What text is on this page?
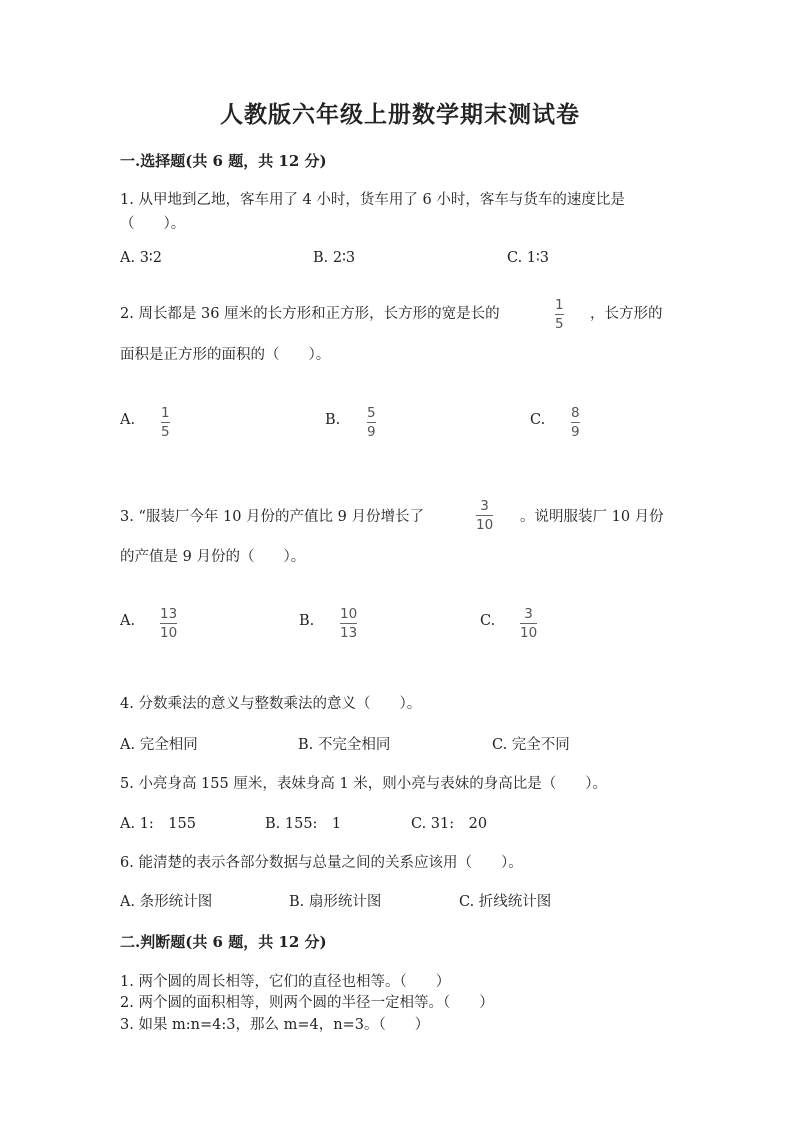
人教版六年级上册数学期末测试卷
一.选择题(共 6 题，共 12 分)
1. 从甲地到乙地，客车用了 4 小时，货车用了 6 小时，客车与货车的速度比是
（　　）。
A. 3∶2	B. 2∶3	C. 1∶3
2. 周长都是 36 厘米的长方形和正方形，长方形的宽是长的
1
5
，长方形的
面积是正方形的面积的（　　）。
A. 1
5
B. 5
9
C. 8
9
3. “服装厂今年 10 月份的产值比 9 月份增长了
3
10 。说明服装厂 10 月份
的产值是 9 月份的（　　）。
A. 13
10
B. 10
13
C. 3
10
4. 分数乘法的意义与整数乘法的意义（　　）。
A. 完全相同	B. 不完全相同	C. 完全不同
5. 小亮身高 155 厘米，表妹身高 1 米，则小亮与表妹的身高比是（　　）。
A. 1:　155	B. 155:　1	C. 31:　20
6. 能清楚的表示各部分数据与总量之间的关系应该用（　　）。
A. 条形统计图	B. 扇形统计图	C. 折线统计图
二.判断题(共 6 题，共 12 分)
1. 两个圆的周长相等，它们的直径也相等。（　　）
2. 两个圆的面积相等，则两个圆的半径一定相等。（　　）
3. 如果 m:n=4:3，那么 m=4，n=3。（　　）
